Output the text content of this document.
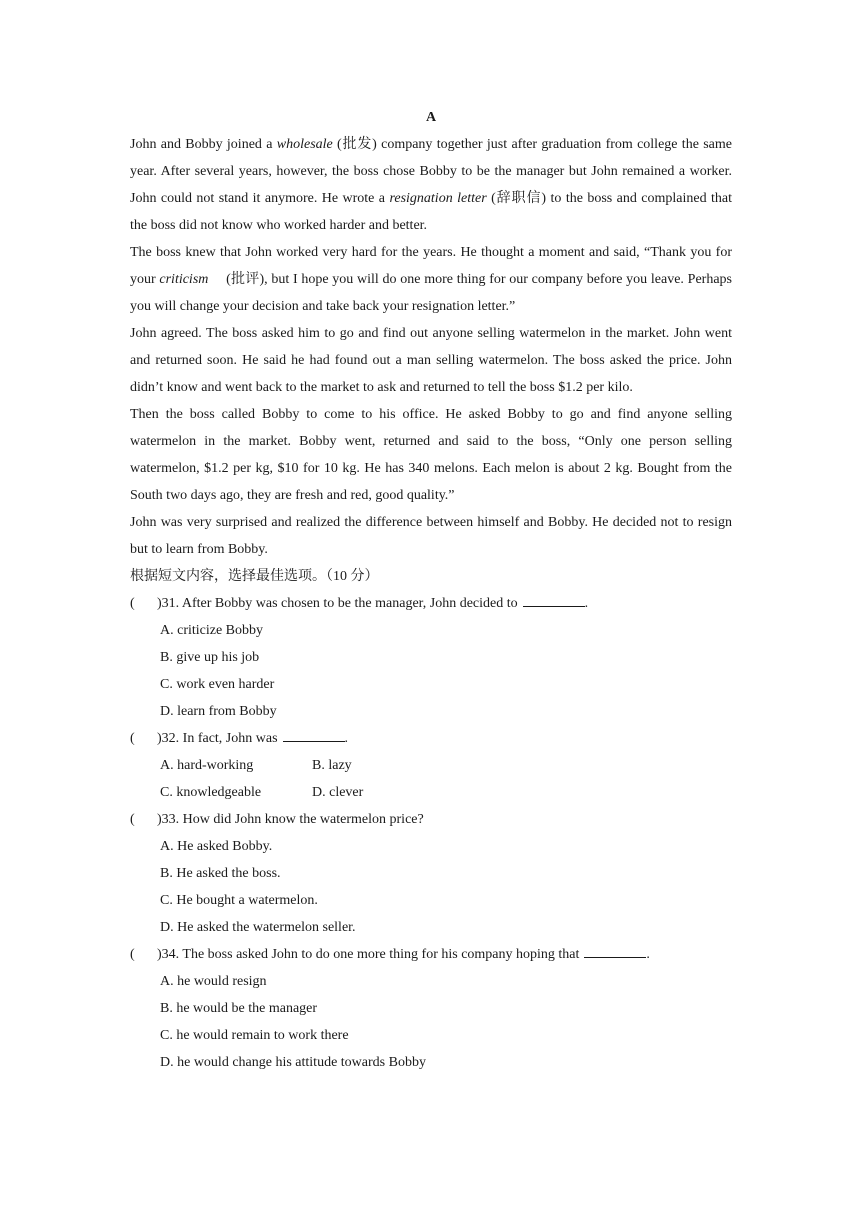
A

John and Bobby joined a wholesale (批发) company together just after graduation from college the same year. After several years, however, the boss chose Bobby to be the manager but John remained a worker. John could not stand it anymore. He wrote a resignation letter (辞职信) to the boss and complained that the boss did not know who worked harder and better.

The boss knew that John worked very hard for the years. He thought a moment and said, “Thank you for your criticism (批评), but I hope you will do one more thing for our company before you leave. Perhaps you will change your decision and take back your resignation letter.”

John agreed. The boss asked him to go and find out anyone selling watermelon in the market. John went and returned soon. He said he had found out a man selling watermelon. The boss asked the price. John didn’t know and went back to the market to ask and returned to tell the boss $1.2 per kilo.

Then the boss called Bobby to come to his office. He asked Bobby to go and find anyone selling watermelon in the market. Bobby went, returned and said to the boss, “Only one person selling watermelon, $1.2 per kg, $10 for 10 kg. He has 340 melons. Each melon is about 2 kg. Bought from the South two days ago, they are fresh and red, good quality.”

John was very surprised and realized the difference between himself and Bobby. He decided not to resign but to learn from Bobby.

根据短文内容，选择最佳选项。（10 分）
( )31. After Bobby was chosen to be the manager, John decided to	.
A. criticize Bobby
B. give up his job
C. work even harder
D. learn from Bobby
( )32. In fact, John was	.
A. hard-working	B. lazy
C. knowledgeable	D. clever
( )33. How did John know the watermelon price?
A. He asked Bobby.
B. He asked the boss.
C. He bought a watermelon.
D. He asked the watermelon seller.
( )34. The boss asked John to do one more thing for his company hoping that	.
A. he would resign
B. he would be the manager
C. he would remain to work there
D. he would change his attitude towards Bobby
